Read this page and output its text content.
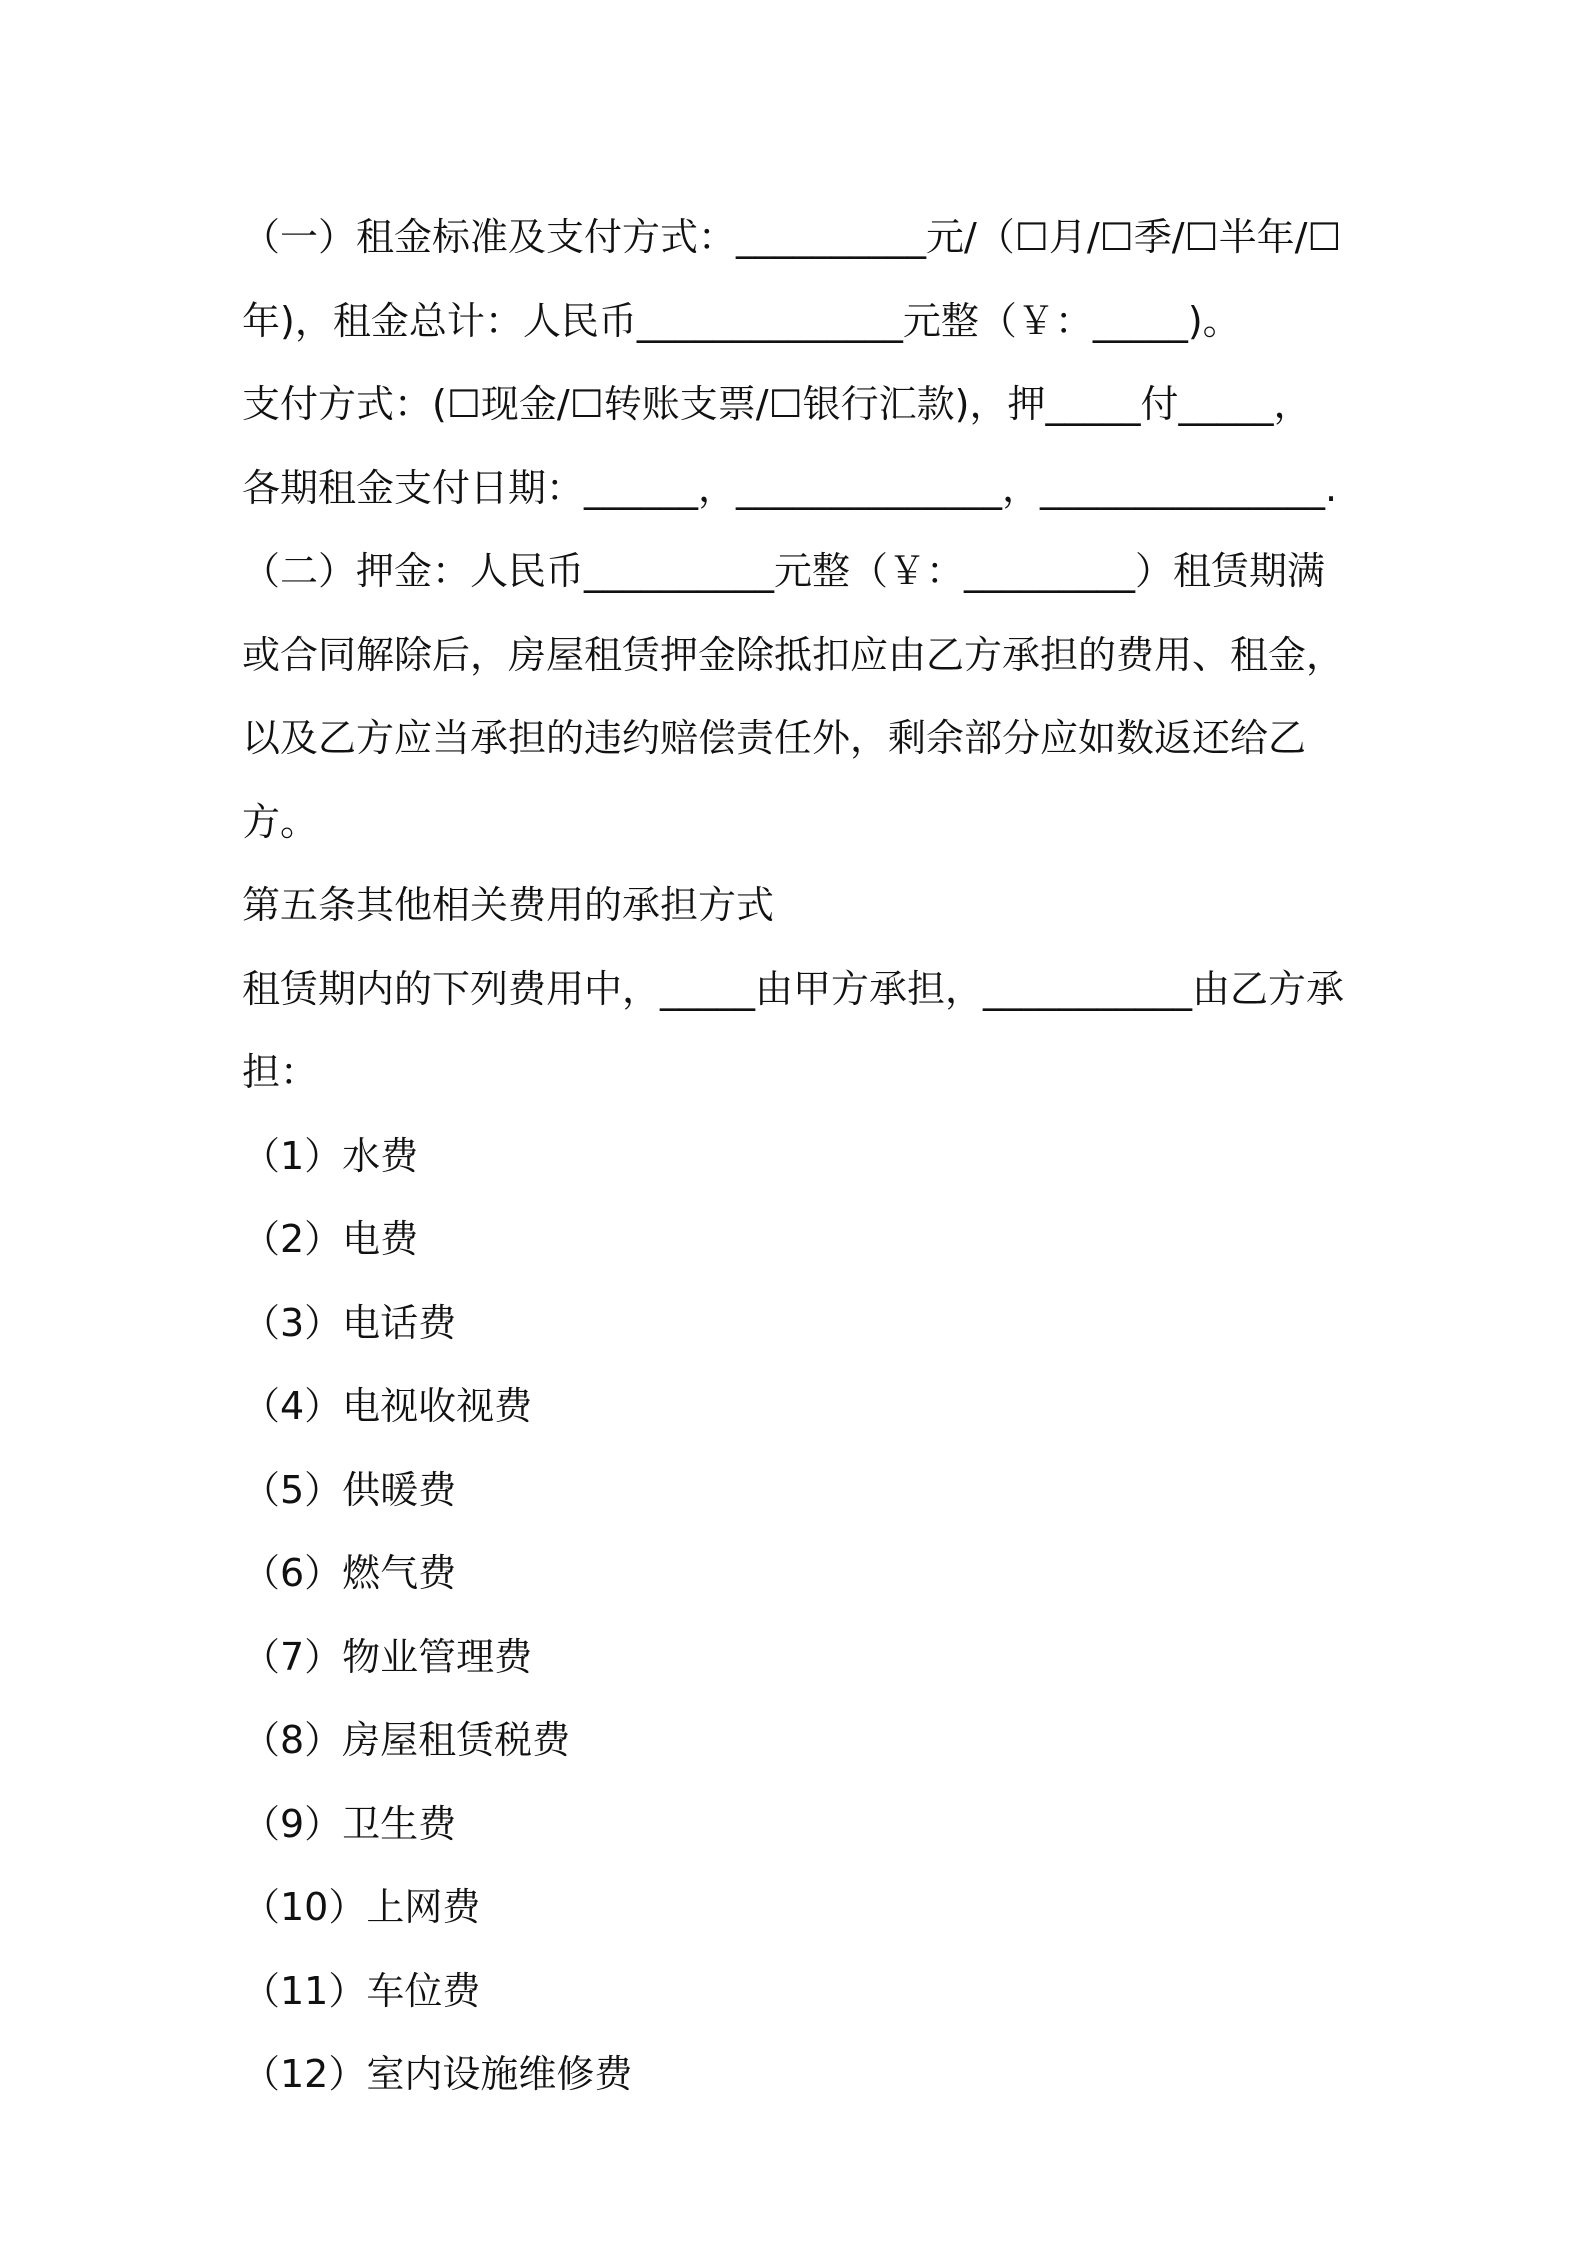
（一）租金标准及支付方式：__________元/（☐月/☐季/☐半年/☐年)，租金总计：人民币______________元整（￥：_____)。

支付方式：(☐现金/☐转账支票/☐银行汇款)，押_____付_____，

各期租金支付日期：______，______________，_______________.

（二）押金：人民币__________元整（￥：_________）租赁期满或合同解除后，房屋租赁押金除抵扣应由乙方承担的费用、租金，以及乙方应当承担的违约赔偿责任外，剩余部分应如数返还给乙方。

第五条其他相关费用的承担方式

租赁期内的下列费用中，_____由甲方承担，___________由乙方承担：

（1）水费

（2）电费

（3）电话费

（4）电视收视费

（5）供暖费

（6）燃气费

（7）物业管理费

（8）房屋租赁税费

（9）卫生费

（10）上网费

（11）车位费

（12）室内设施维修费
